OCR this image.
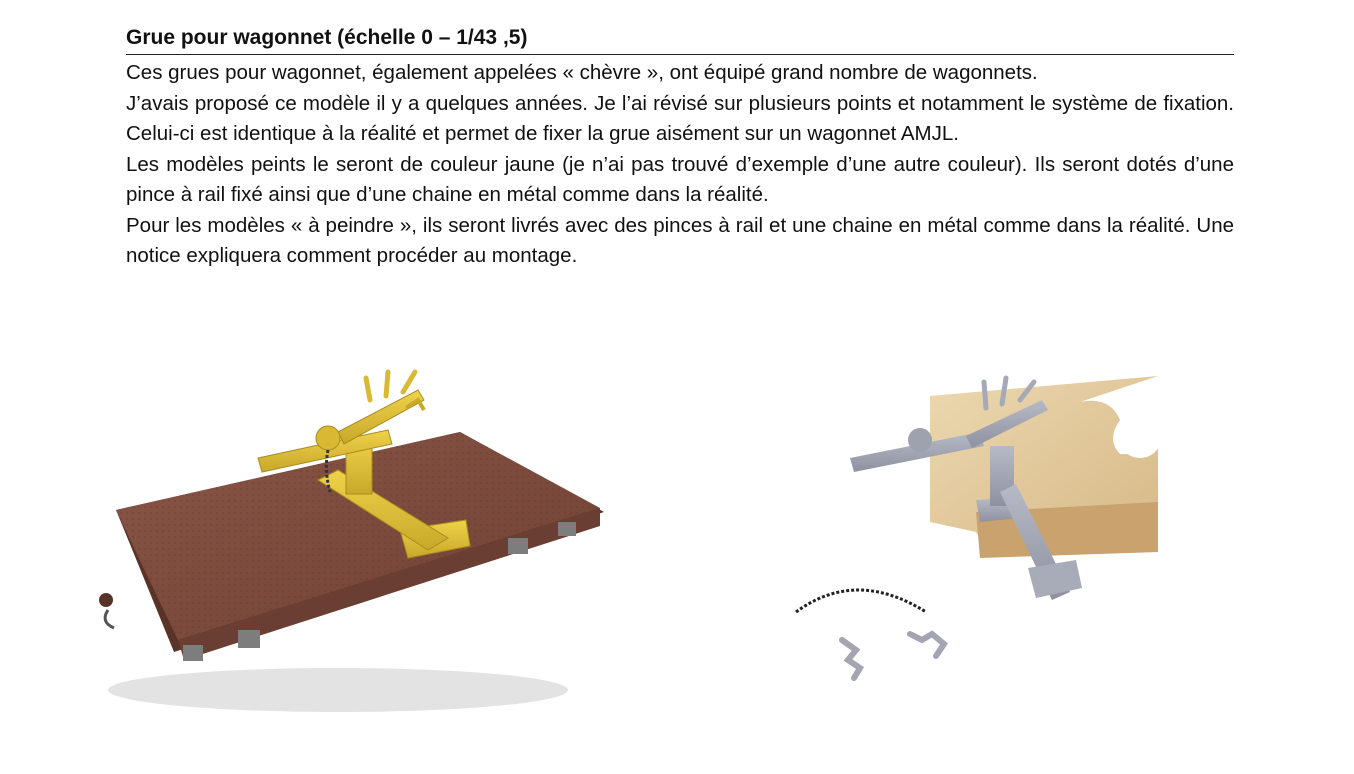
Grue pour wagonnet (échelle 0 – 1/43 ,5)

Ces grues pour wagonnet, également appelées « chèvre », ont équipé grand nombre de wagonnets.

J’avais proposé ce modèle il y a quelques années. Je l’ai révisé sur plusieurs points et notamment le système de fixation. Celui-ci est identique à la réalité et permet de fixer la grue aisément sur un wagonnet AMJL.

Les modèles peints le seront de couleur jaune (je n’ai pas trouvé d’exemple d’une autre couleur). Ils seront dotés d’une pince à rail fixé ainsi que d’une chaine en métal comme dans la réalité.

Pour les modèles « à peindre », ils seront livrés avec des pinces à rail et une chaine en métal comme dans la réalité. Une notice expliquera comment procéder au montage.
